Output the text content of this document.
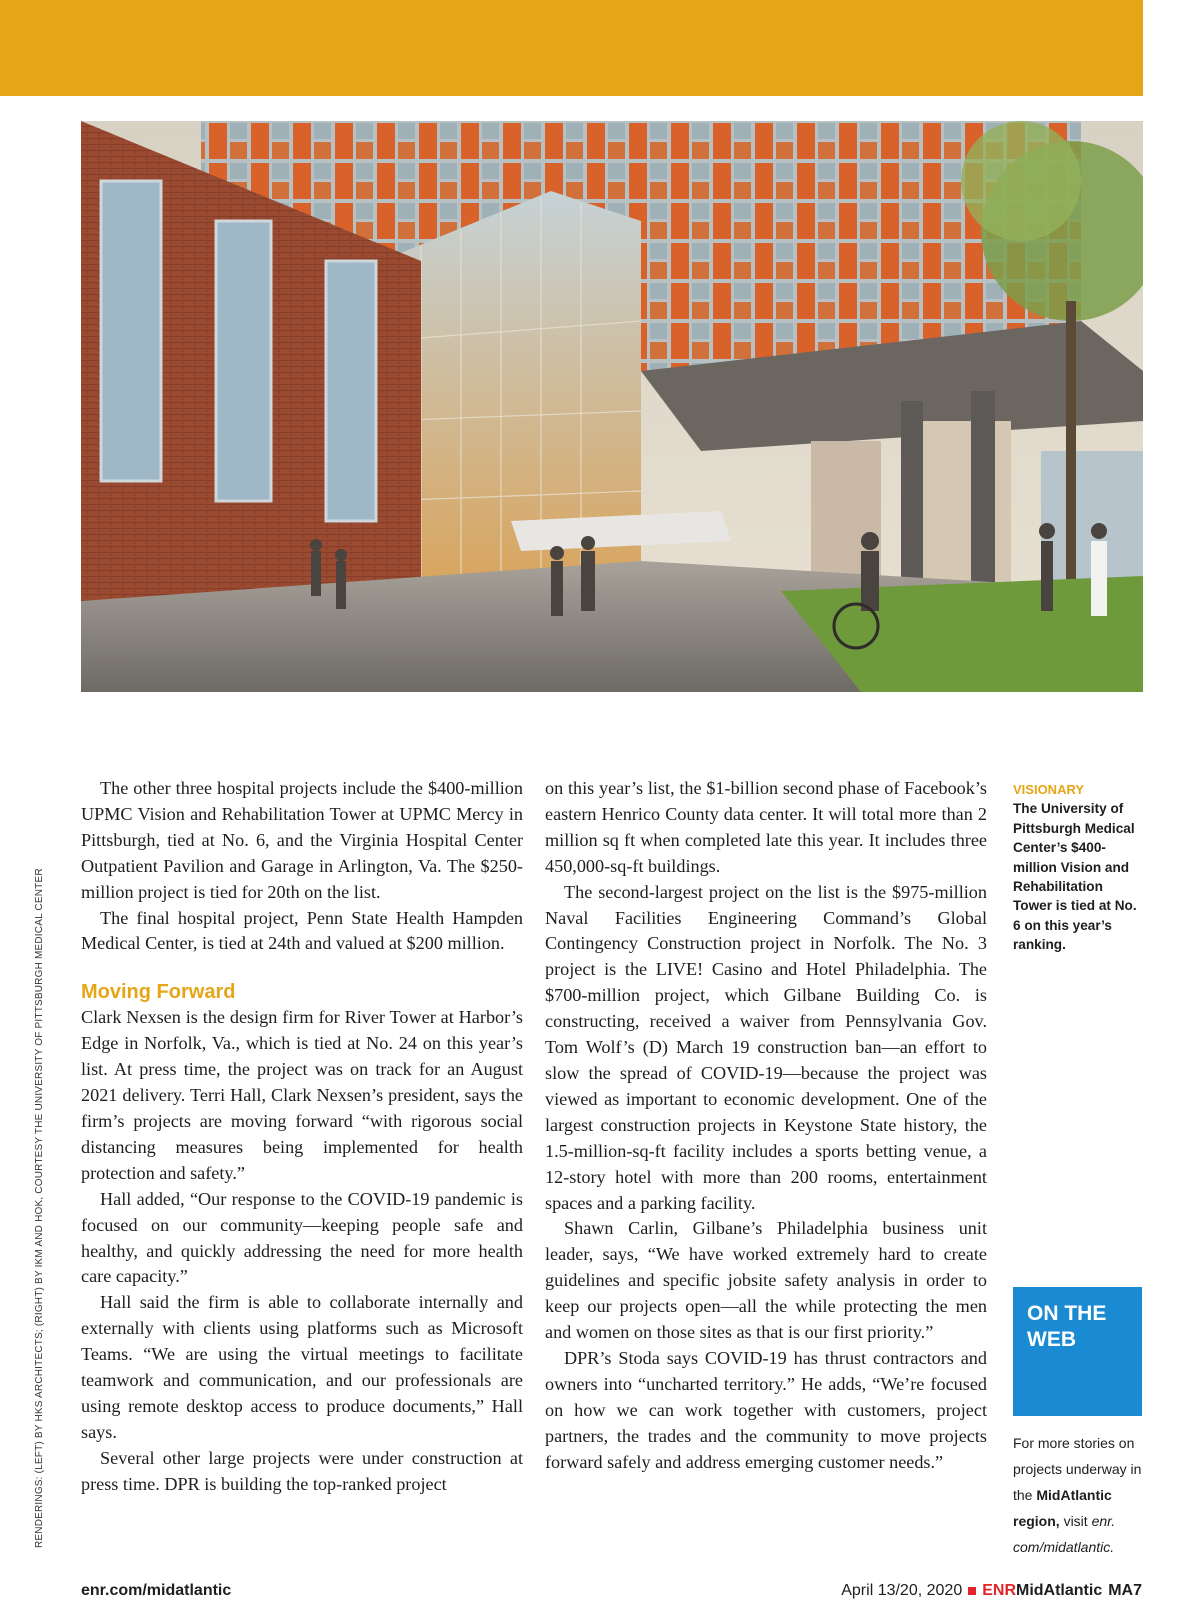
RENDERINGS: (LEFT) BY HKS ARCHITECTS; (RIGHT) BY IKM AND HOK, COURTESY THE UNIVERSITY OF PITTSBURGH MEDICAL CENTER

The other three hospital projects include the $400-million UPMC Vision and Rehabilitation Tower at UPMC Mercy in Pittsburgh, tied at No. 6, and the Virginia Hospital Center Outpatient Pavilion and Garage in Arlington, Va. The $250-million project is tied for 20th on the list.

The final hospital project, Penn State Health Hampden Medical Center, is tied at 24th and valued at $200 million.

Moving Forward

Clark Nexsen is the design firm for River Tower at Harbor’s Edge in Norfolk, Va., which is tied at No. 24 on this year’s list. At press time, the project was on track for an August 2021 delivery. Terri Hall, Clark Nexsen’s president, says the firm’s projects are moving forward “with rigorous social distancing measures being implemented for health protection and safety.”

Hall added, “Our response to the COVID-19 pandemic is focused on our community—keeping people safe and healthy, and quickly addressing the need for more health care capacity.”

Hall said the firm is able to collaborate internally and externally with clients using platforms such as Microsoft Teams. “We are using the virtual meetings to facilitate teamwork and communication, and our professionals are using remote desktop access to produce documents,” Hall says.

Several other large projects were under construction at press time. DPR is building the top-ranked project

on this year’s list, the $1-billion second phase of Facebook’s eastern Henrico County data center. It will total more than 2 million sq ft when completed late this year. It includes three 450,000-sq-ft buildings.

The second-largest project on the list is the $975-million Naval Facilities Engineering Command’s Global Contingency Construction project in Norfolk. The No. 3 project is the LIVE! Casino and Hotel Philadelphia. The $700-million project, which Gilbane Building Co. is constructing, received a waiver from Pennsylvania Gov. Tom Wolf’s (D) March 19 construction ban—an effort to slow the spread of COVID-19—because the project was viewed as important to economic development. One of the largest construction projects in Keystone State history, the 1.5-million-sq-ft facility includes a sports betting venue, a 12-story hotel with more than 200 rooms, entertainment spaces and a parking facility.

Shawn Carlin, Gilbane’s Philadelphia business unit leader, says, “We have worked extremely hard to create guidelines and specific jobsite safety analysis in order to keep our projects open—all the while protecting the men and women on those sites as that is our first priority.”

DPR’s Stoda says COVID-19 has thrust contractors and owners into “uncharted territory.” He adds, “We’re focused on how we can work together with customers, project partners, the trades and the community to move projects forward safely and address emerging customer needs.”

VISIONARY
The University of Pittsburgh Medical Center’s $400-million Vision and Rehabilitation Tower is tied at No. 6 on this year’s ranking.
ON THE
WEB
For more stories on projects underway in the MidAtlantic region, visit enr. com/midatlantic.
enr.com/midatlantic	April 13/20, 2020 ENRMidAtlantic MA7
